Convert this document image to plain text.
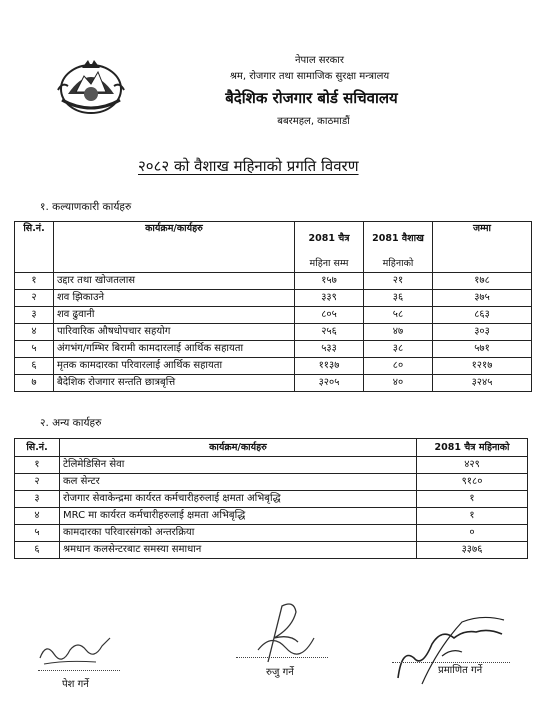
नेपाल सरकार
श्रम, रोजगार तथा सामाजिक सुरक्षा मन्त्रालय
बैदेशिक रोजगार बोर्ड सचिवालय
बबरमहल, काठमाडौं
२०८२ को वैशाख महिनाको प्रगति विवरण
१. कल्याणकारी कार्यहरु
सि.नं.	कार्यक्रम/कार्यहरु	2081 चैत्र	2081 वैशाख	जम्मा
		महिना सम्म	महिनाको	
१	उद्दार तथा खोजतलास	१५७	२१	१७८
२	शव झिकाउने	३३९	३६	३७५
३	शव ढुवानी	८०५	५८	८६३
४	पारिवारिक औषधोपचार सहयोग	२५६	४७	३०३
५	अंगभंग/गम्भिर बिरामी कामदारलाई आर्थिक सहायता	५३३	३८	५७१
६	मृतक कामदारका परिवारलाई आर्थिक सहायता	११३७	८०	१२१७
७	बैदेशिक रोजगार सन्तति छात्रबृत्ति	३२०५	४०	३२४५
२. अन्य कार्यहरु
सि.नं.	कार्यक्रम/कार्यहरु	2081 चैत्र महिनाको
१	टेलिमेडिसिन सेवा	४२९
२	कल सेन्टर	९१८०
३	रोजगार सेवाकेन्द्रमा कार्यरत कर्मचारीहरुलाई क्षमता अभिबृद्धि	१
४	MRC मा कार्यरत कर्मचारीहरुलाई क्षमता अभिबृद्धि	१
५	कामदारका परिवारसंगको अन्तरक्रिया	०
६	श्रमधान कलसेन्टरबाट समस्या समाधान	३३७६
पेश गर्ने
रुजु गर्ने	प्रमाणित गर्ने
